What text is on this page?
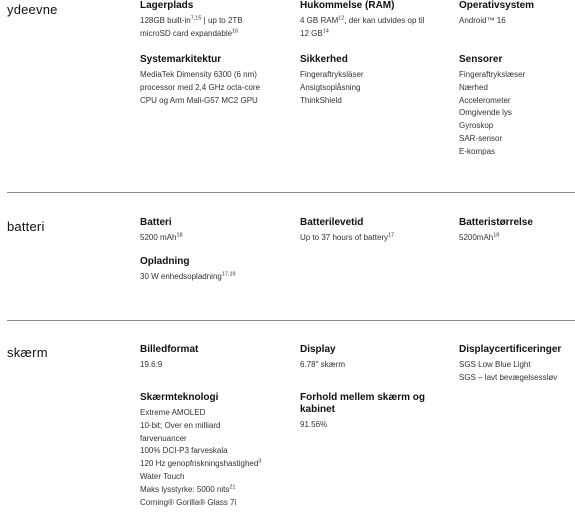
ydeevne	Lagerplads
128GB built-in$^{7,15}$ | up to 2TB
microSD card expandable$^{16}$
Hukommelse (RAM)
4 GB RAM$^{12}$, der kan udvides op til
12 GB$^{14}$
Operativsystem
Android™ 16
Systemarkitektur
MediaTek Dimensity 6300 (6 nm)
processor med 2,4 GHz octa-core
CPU og Arm Mali-G57 MC2 GPU
Sikkerhed
Fingeraftryksläser
Ansigtsoplåsning
ThinkShield
Sensorer
Fingeraftrykslæser
Nærhed
Accelerometer
Omgivende lys
Gyroskop
SAR-sensor
E-kompas
batteri	Batteri
5200 mAh$^{18}$
Batterilevetid
Up to 37 hours of battery$^{17}$
Batteristørrelse
5200mAh$^{18}$
Opladning
30 W enhedsopladning$^{17,19}$
skærm	Billedformat
19.6:9
Display
6.78" skærm
Displaycertificeringer
SGS Low Blue Light
SGS – lavt bevægelsessløv
Skærmteknologi
Extreme AMOLED
10-bit; Over en milliard
farvenuancer
100% DCI-P3 farveskala
120 Hz genopfriskningshastighed$^3$
Water Touch
Maks lysstyrke: 5000 nits$^{21}$
Corning® Gorilla® Glass 7i
Forhold mellem skærm og
kabinet
91.56%
